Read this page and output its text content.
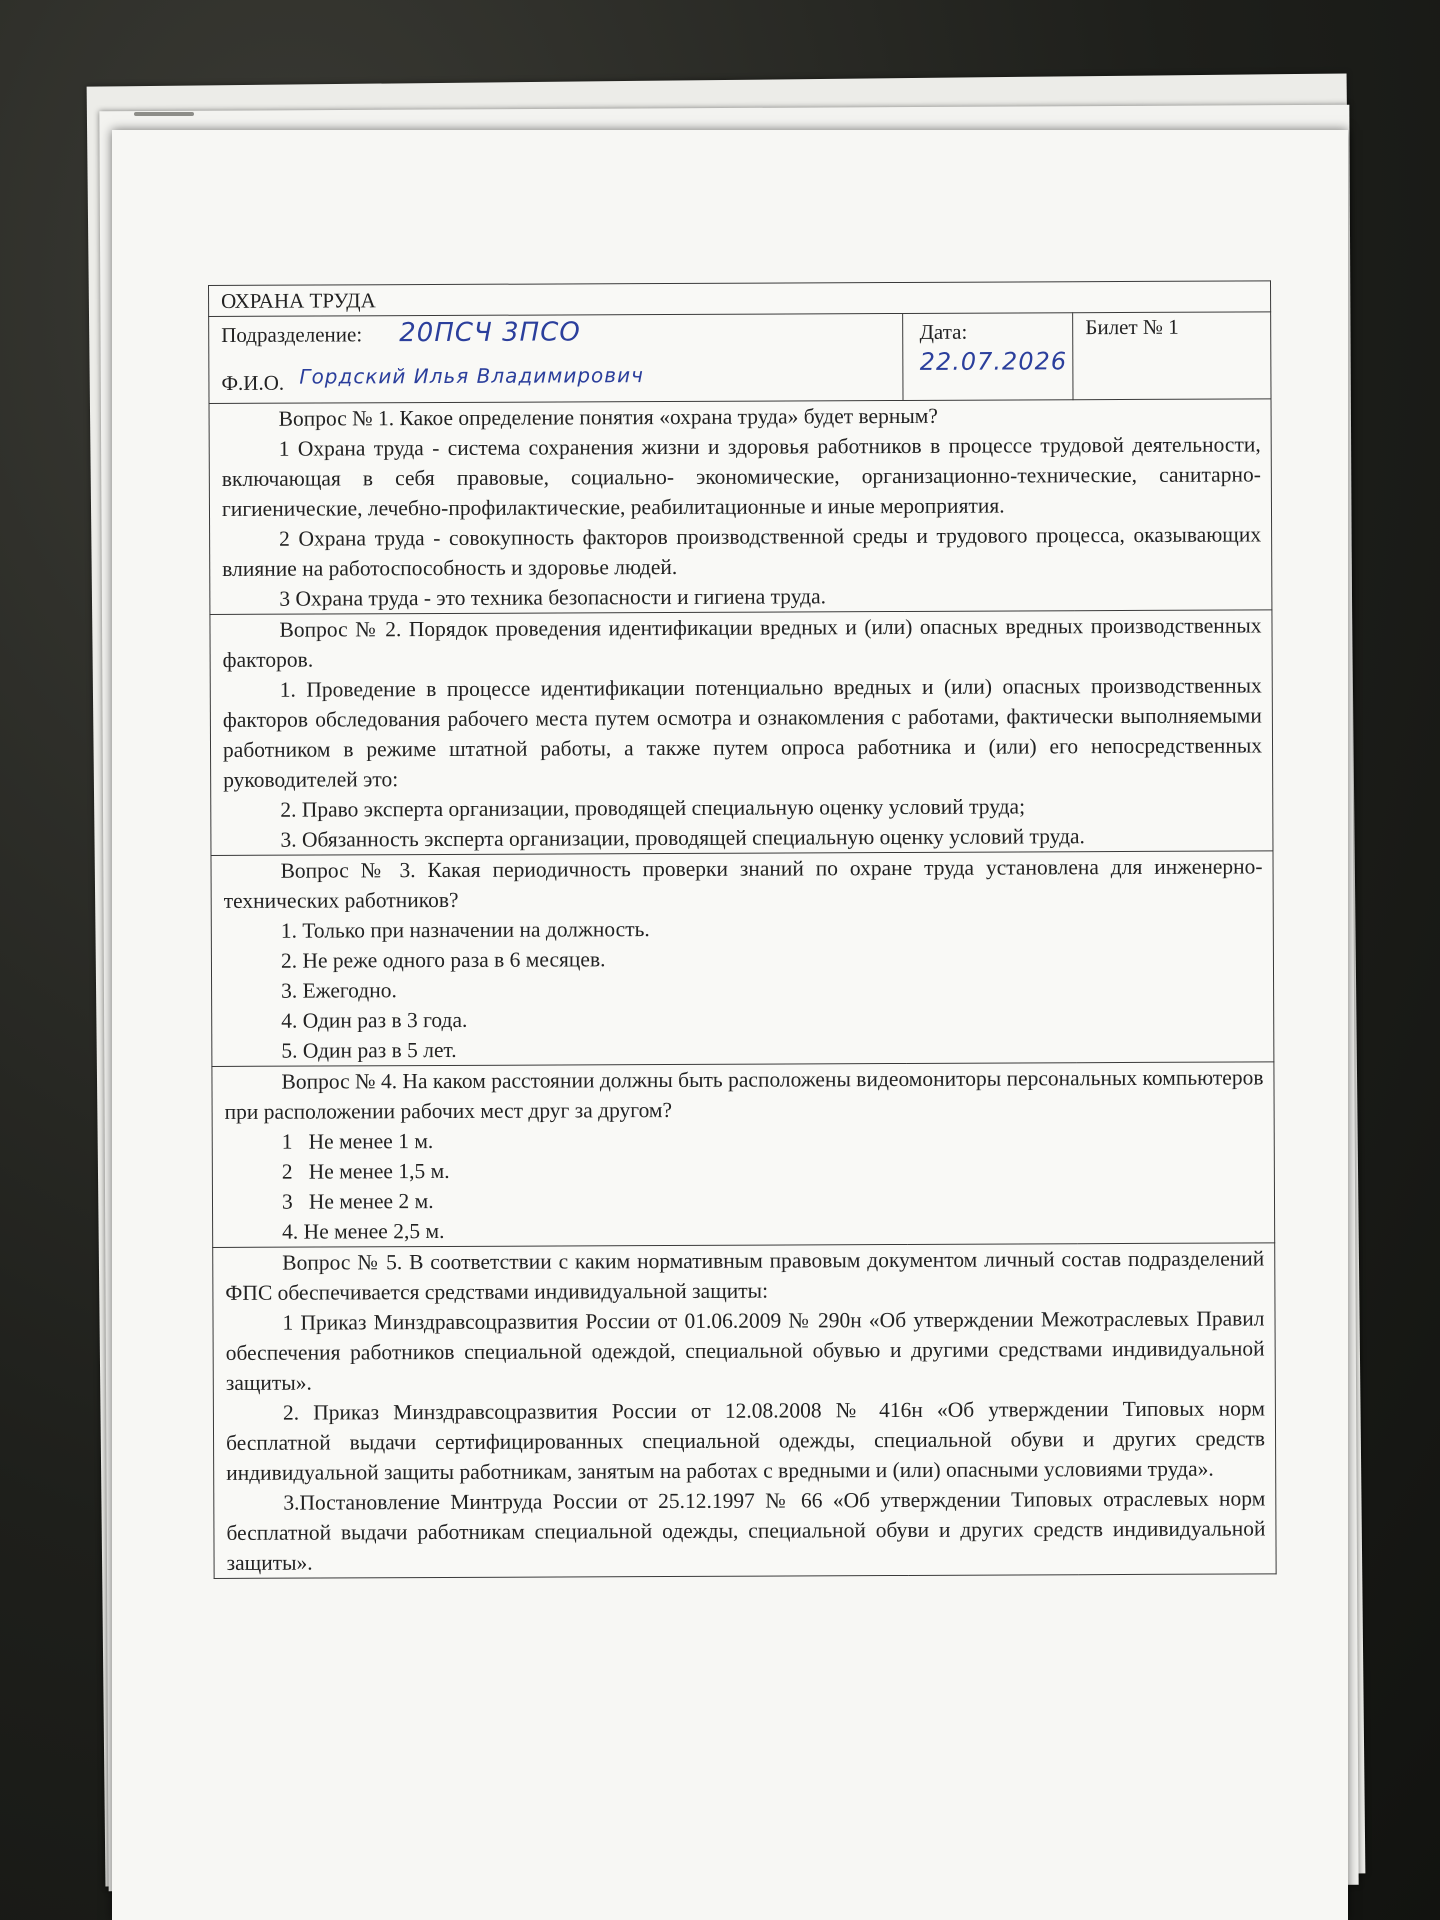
ОХРАНА ТРУДА

Подразделение: 20ПСЧ 3ПСО
Ф.И.О. Гордский Илья Владимирович

Дата:
22.07.2026

Билет № 1

Вопрос № 1. Какое определение понятия «охрана труда» будет верным?

1 Охрана труда - система сохранения жизни и здоровья работников в процессе трудовой деятельности, включающая в себя правовые, социально- экономические, организационно-технические, санитарно-гигиенические, лечебно-профилактические, реабилитационные и иные мероприятия.

2 Охрана труда - совокупность факторов производственной среды и трудового процесса, оказывающих влияние на работоспособность и здоровье людей.

3 Охрана труда - это техника безопасности и гигиена труда.

Вопрос № 2. Порядок проведения идентификации вредных и (или) опасных вредных производственных факторов.

1. Проведение в процессе идентификации потенциально вредных и (или) опасных производственных факторов обследования рабочего места путем осмотра и ознакомления с работами, фактически выполняемыми работником в режиме штатной работы, а также путем опроса работника и (или) его непосредственных руководителей это:

2. Право эксперта организации, проводящей специальную оценку условий труда;

3. Обязанность эксперта организации, проводящей специальную оценку условий труда.

Вопрос № 3. Какая периодичность проверки знаний по охране труда установлена для инженерно-технических работников?

1. Только при назначении на должность.

2. Не реже одного раза в 6 месяцев.

3. Ежегодно.

4. Один раз в 3 года.

5. Один раз в 5 лет.

Вопрос № 4. На каком расстоянии должны быть расположены видеомониторы персональных компьютеров при расположении рабочих мест друг за другом?

1   Не менее 1 м.

2   Не менее 1,5 м.

3   Не менее 2 м.

4. Не менее 2,5 м.

Вопрос № 5. В соответствии с каким нормативным правовым документом личный состав подразделений ФПС обеспечивается средствами индивидуальной защиты:

1 Приказ Минздравсоцразвития России от 01.06.2009 № 290н «Об утверждении Межотраслевых Правил обеспечения работников специальной одеждой, специальной обувью и другими средствами индивидуальной защиты».

2. Приказ Минздравсоцразвития России от 12.08.2008 № 416н «Об утверждении Типовых норм бесплатной выдачи сертифицированных специальной одежды, специальной обуви и других средств индивидуальной защиты работникам, занятым на работах с вредными и (или) опасными условиями труда».

3.Постановление Минтруда России от 25.12.1997 № 66 «Об утверждении Типовых отраслевых норм бесплатной выдачи работникам специальной одежды, специальной обуви и других средств индивидуальной защиты».
